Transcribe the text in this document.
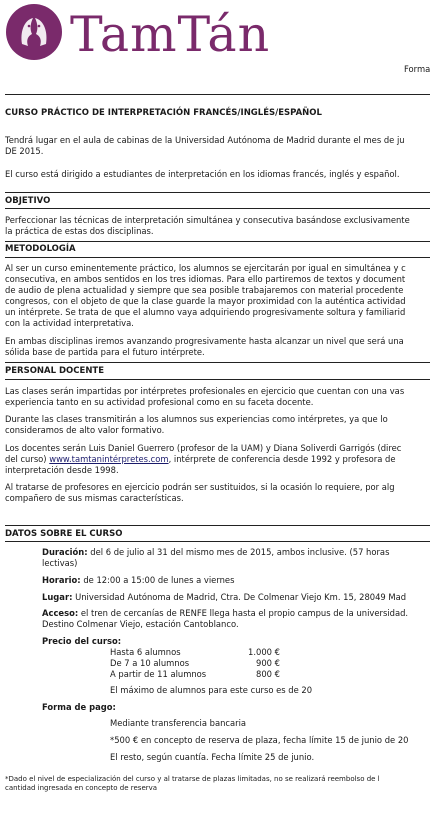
TamTán
Forma
CURSO PRÁCTICO DE INTERPRETACIÓN FRANCÉS/INGLÉS/ESPAÑOL
Tendrá lugar en el aula de cabinas de la Universidad Autónoma de Madrid durante el mes de ju
DE 2015.
El curso está dirigido a estudiantes de interpretación en los idiomas francés, inglés y español.
OBJETIVO
Perfeccionar las técnicas de interpretación simultánea y consecutiva basándose exclusivamente
la práctica de estas dos disciplinas.
METODOLOGÍA
Al ser un curso eminentemente práctico, los alumnos se ejercitarán por igual en simultánea y c
consecutiva, en ambos sentidos en los tres idiomas. Para ello partiremos de textos y document
de audio de plena actualidad y siempre que sea posible trabajaremos con material procedente
congresos, con el objeto de que la clase guarde la mayor proximidad con la auténtica actividad
un intérprete. Se trata de que el alumno vaya adquiriendo progresivamente soltura y familiarid
con la actividad interpretativa.
En ambas disciplinas iremos avanzando progresivamente hasta alcanzar un nivel que será una
sólida base de partida para el futuro intérprete.
PERSONAL DOCENTE
Las clases serán impartidas por intérpretes profesionales en ejercicio que cuentan con una vas
experiencia tanto en su actividad profesional como en su faceta docente.
Durante las clases transmitirán a los alumnos sus experiencias como intérpretes, ya que lo
consideramos de alto valor formativo.
Los docentes serán Luis Daniel Guerrero (profesor de la UAM) y Diana Soliverdi Garrigós (direc
del curso) www.tamtanintérpretes.com, intérprete de conferencia desde 1992 y profesora de
interpretación desde 1998.
Al tratarse de profesores en ejercicio podrán ser sustituidos, si la ocasión lo requiere, por alg
compañero de sus mismas características.
DATOS SOBRE EL CURSO
Duración: del 6 de julio al 31 del mismo mes de 2015, ambos inclusive. (57 horas
lectivas)
Horario: de 12:00 a 15:00 de lunes a viernes
Lugar: Universidad Autónoma de Madrid, Ctra. De Colmenar Viejo Km. 15, 28049 Mad
Acceso: el tren de cercanías de RENFE llega hasta el propio campus de la universidad.
Destino Colmenar Viejo, estación Cantoblanco.
Precio del curso:
Hasta 6 alumnos	1.000 €
De 7 a 10 alumnos	900 €
A partir de 11 alumnos	800 €
El máximo de alumnos para este curso es de 20
Forma de pago:
Mediante transferencia bancaria
*500 € en concepto de reserva de plaza, fecha límite 15 de junio de 20
El resto, según cuantía. Fecha límite 25 de junio.
*Dado el nivel de especialización del curso y al tratarse de plazas limitadas, no se realizará reembolso de l
cantidad ingresada en concepto de reserva
